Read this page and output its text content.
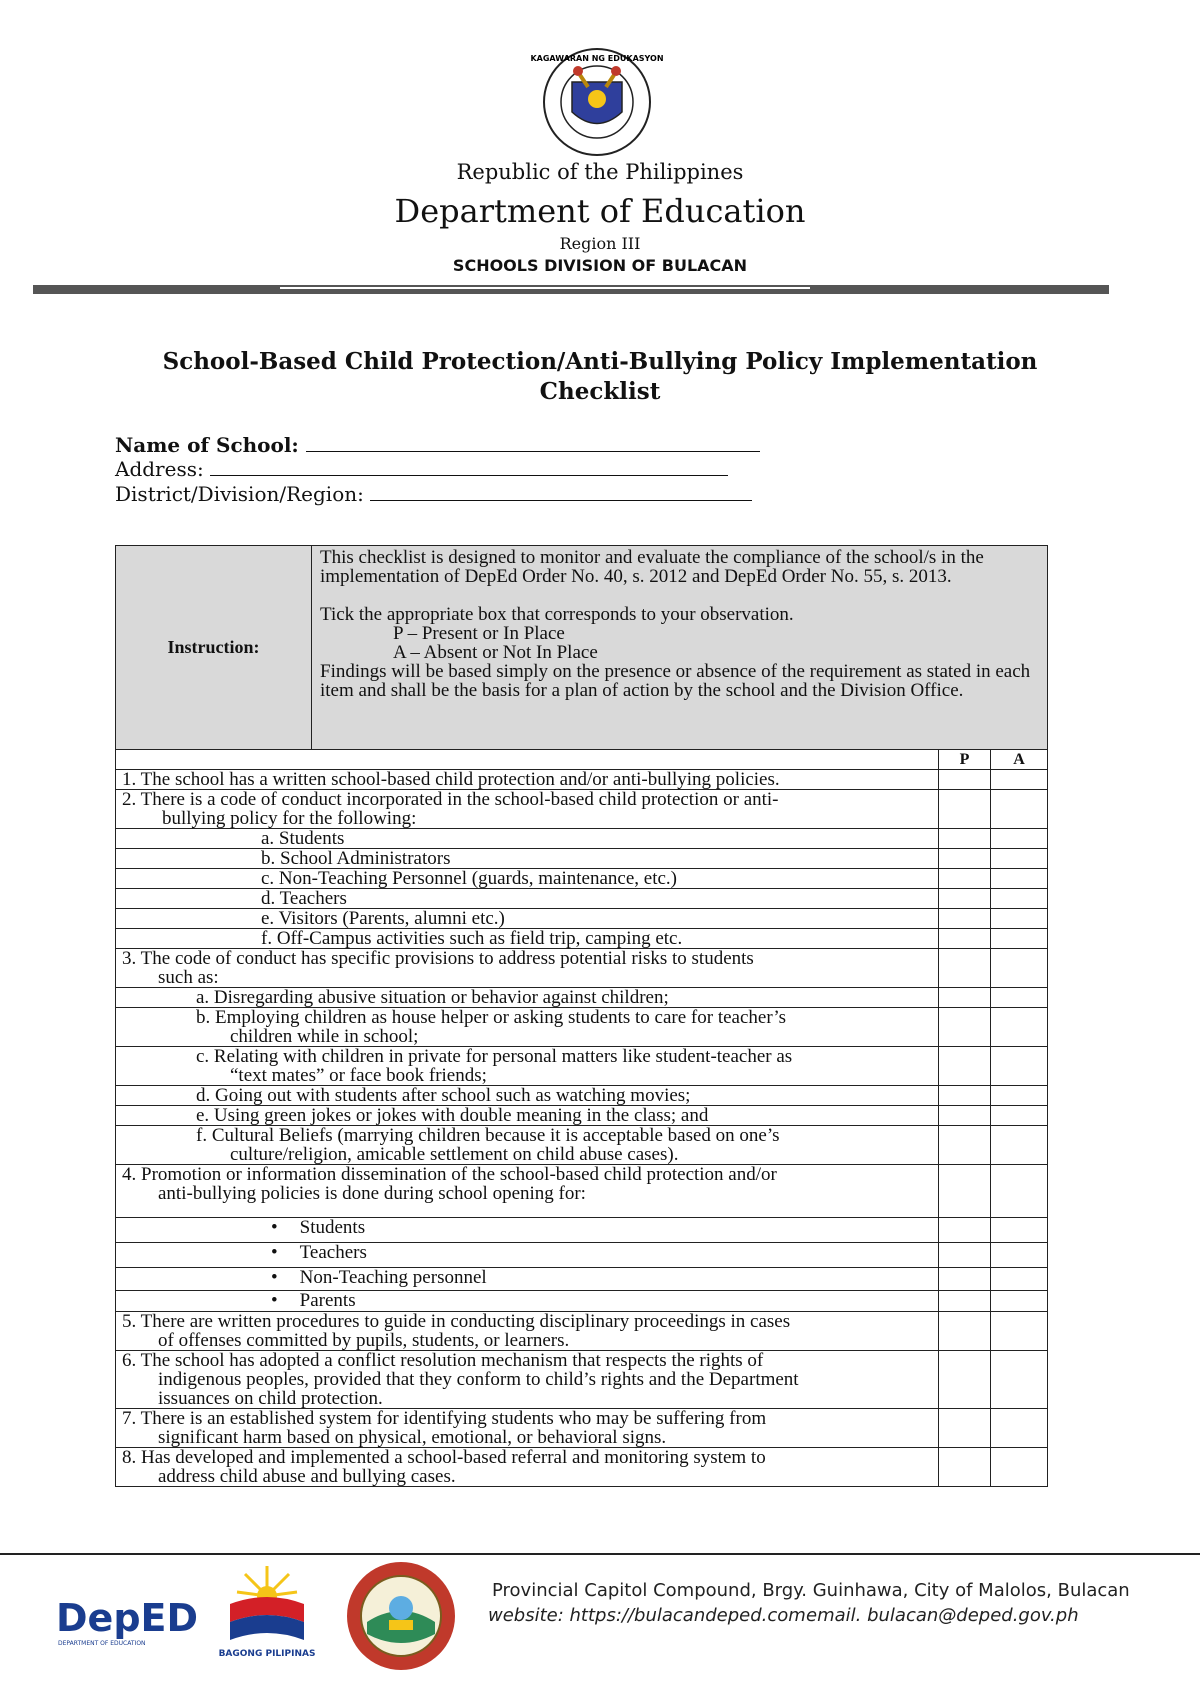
KAGAWARAN NG EDUKASYON
Republic of the Philippines
Department of Education
Region III
SCHOOLS DIVISION OF BULACAN
School-Based Child Protection/Anti-Bullying Policy Implementation Checklist
Name of School:
Address:
District/Division/Region:
Instruction:	This checklist is designed to monitor and evaluate the compliance of the school/s in the implementation of DepEd Order No. 40, s. 2012 and DepEd Order No. 55, s. 2013.
Tick the appropriate box that corresponds to your observation.
P – Present or In Place
A – Absent or Not In Place
Findings will be based simply on the presence or absence of the requirement as stated in each item and shall be the basis for a plan of action by the school and the Division Office.		

		P	A
1. The school has a written school-based child protection and/or anti-bullying policies.			

2. There is a code of conduct incorporated in the school-based child protection or anti-
bullying policy for the following:			

a. Students			
b. School Administrators			
c. Non-Teaching Personnel (guards, maintenance, etc.)			
d. Teachers			
e. Visitors (Parents, alumni etc.)			
f. Off-Campus activities such as field trip, camping etc.			

3. The code of conduct has specific provisions to address potential risks to students
such as:			

a. Disregarding abusive situation or behavior against children;			

b. Employing children as house helper or asking students to care for teacher’s
children while in school;			

c. Relating with children in private for personal matters like student-teacher as
“text mates” or face book friends;			

d. Going out with students after school such as watching movies;			
e. Using green jokes or jokes with double meaning in the class; and			

f. Cultural Beliefs (marrying children because it is acceptable based on one’s
culture/religion, amicable settlement on child abuse cases).			

4. Promotion or information dissemination of the school-based child protection and/or
anti-bullying policies is done during school opening for:			

• Students			
• Teachers			
• Non-Teaching personnel			
• Parents			

5. There are written procedures to guide in conducting disciplinary proceedings in cases
of offenses committed by pupils, students, or learners.			

6. The school has adopted a conflict resolution mechanism that respects the rights of
indigenous peoples, provided that they conform to child’s rights and the Department
issuances on child protection.			

7. There is an established system for identifying students who may be suffering from
significant harm based on physical, emotional, or behavioral signs.			

8. Has developed and implemented a school-based referral and monitoring system to
address child abuse and bullying cases.			

DepED
DEPARTMENT OF EDUCATION
BAGONG PILIPINAS
Provincial Capitol Compound, Brgy. Guinhawa, City of Malolos, Bulacan
website: https://bulacandeped.com email. bulacan@deped.gov.ph
